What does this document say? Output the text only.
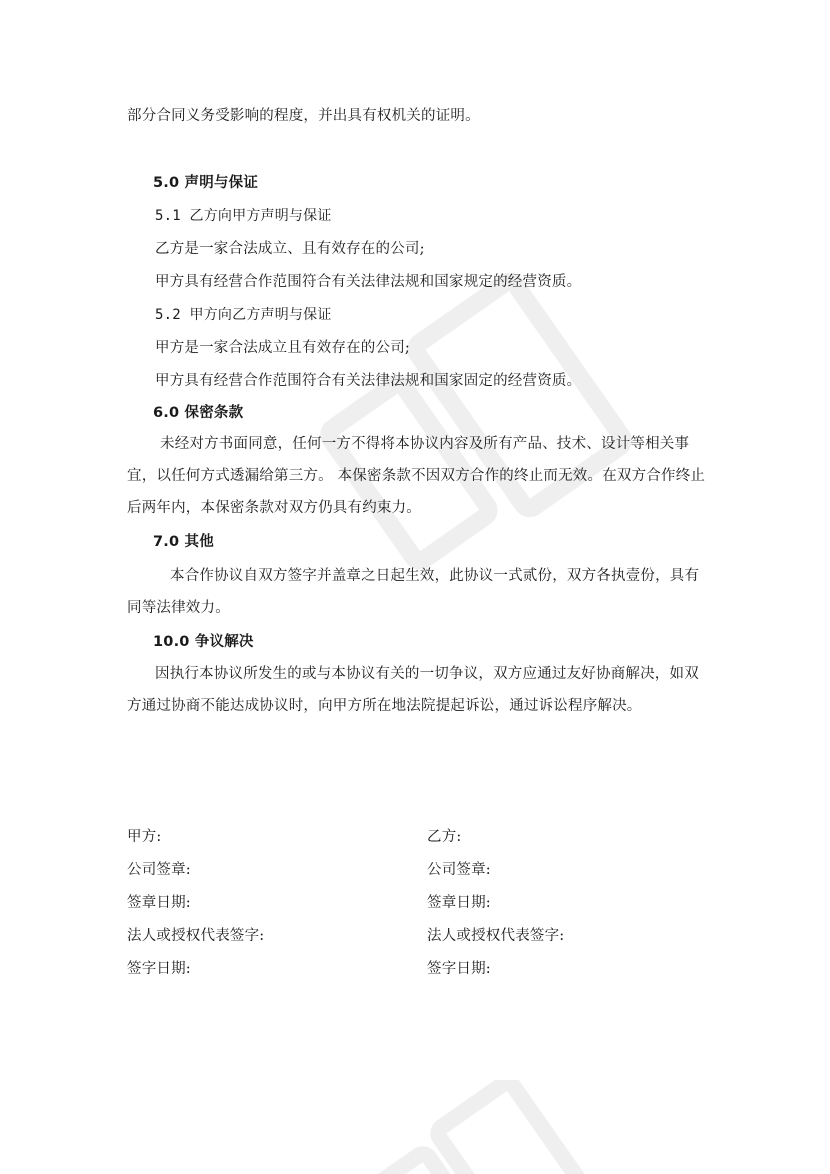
部分合同义务受影响的程度，并出具有权机关的证明。
5.0 声明与保证
5.1 乙方向甲方声明与保证
乙方是一家合法成立、且有效存在的公司;
甲方具有经营合作范围符合有关法律法规和国家规定的经营资质。
5.2 甲方向乙方声明与保证
甲方是一家合法成立且有效存在的公司;
甲方具有经营合作范围符合有关法律法规和国家固定的经营资质。
6.0 保密条款
未经对方书面同意，任何一方不得将本协议内容及所有产品、技术、设计等相关事
宜，以任何方式透漏给第三方。 本保密条款不因双方合作的终止而无效。在双方合作终止
后两年内，本保密条款对双方仍具有约束力。
7.0 其他
本合作协议自双方签字并盖章之日起生效，此协议一式贰份，双方各执壹份，具有
同等法律效力。
10.0 争议解决
因执行本协议所发生的或与本协议有关的一切争议，双方应通过友好协商解决，如双
方通过协商不能达成协议时，向甲方所在地法院提起诉讼，通过诉讼程序解决。
甲方:
公司签章:
签章日期:
法人或授权代表签字:
签字日期:
乙方:
公司签章:
签章日期:
法人或授权代表签字:
签字日期:
